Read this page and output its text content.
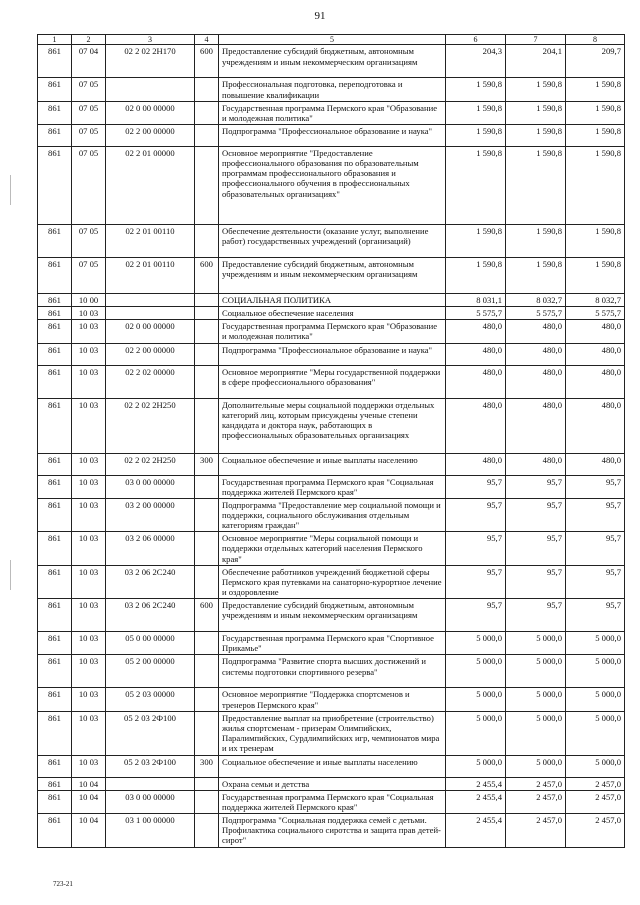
91
1	2	3	4	5	6	7	8
861	07 04	02 2 02 2Н170	600	Предоставление субсидий бюджетным, автономным учреждениям и иным некоммерческим организациям	204,3	204,1	209,7
861	07 05			Профессиональная подготовка, переподготовка и повышение квалификации	1 590,8	1 590,8	1 590,8
861	07 05	02 0 00 00000		Государственная программа Пермского края "Образование и молодежная политика"	1 590,8	1 590,8	1 590,8
861	07 05	02 2 00 00000		Подпрограмма "Профессиональное образование и наука"	1 590,8	1 590,8	1 590,8
861	07 05	02 2 01 00000		Основное мероприятие "Предоставление профессионального образования по образовательным программам профессионального образования и профессионального обучения в профессиональных образовательных организациях"	1 590,8	1 590,8	1 590,8
861	07 05	02 2 01 00110		Обеспечение деятельности (оказание услуг, выполнение работ) государственных учреждений (организаций)	1 590,8	1 590,8	1 590,8
861	07 05	02 2 01 00110	600	Предоставление субсидий бюджетным, автономным учреждениям и иным некоммерческим организациям	1 590,8	1 590,8	1 590,8
861	10 00			СОЦИАЛЬНАЯ ПОЛИТИКА	8 031,1	8 032,7	8 032,7
861	10 03			Социальное обеспечение населения	5 575,7	5 575,7	5 575,7
861	10 03	02 0 00 00000		Государственная программа Пермского края "Образование и молодежная политика"	480,0	480,0	480,0
861	10 03	02 2 00 00000		Подпрограмма "Профессиональное образование и наука"	480,0	480,0	480,0
861	10 03	02 2 02 00000		Основное мероприятие "Меры государственной поддержки в сфере профессионального образования"	480,0	480,0	480,0
861	10 03	02 2 02 2Н250		Дополнительные меры социальной поддержки отдельных категорий лиц, которым присуждены ученые степени кандидата и доктора наук, работающих в профессиональных образовательных организациях	480,0	480,0	480,0
861	10 03	02 2 02 2Н250	300	Социальное обеспечение и иные выплаты населению	480,0	480,0	480,0
861	10 03	03 0 00 00000		Государственная программа Пермского края "Социальная поддержка жителей Пермского края"	95,7	95,7	95,7
861	10 03	03 2 00 00000		Подпрограмма "Предоставление мер социальной помощи и поддержки, социального обслуживания отдельным категориям граждан"	95,7	95,7	95,7
861	10 03	03 2 06 00000		Основное мероприятие "Меры социальной помощи и поддержки отдельных категорий населения Пермского края"	95,7	95,7	95,7
861	10 03	03 2 06 2С240		Обеспечение работников учреждений бюджетной сферы Пермского края путевками на санаторно-курортное лечение и оздоровление	95,7	95,7	95,7
861	10 03	03 2 06 2С240	600	Предоставление субсидий бюджетным, автономным учреждениям и иным некоммерческим организациям	95,7	95,7	95,7
861	10 03	05 0 00 00000		Государственная программа Пермского края "Спортивное Прикамье"	5 000,0	5 000,0	5 000,0
861	10 03	05 2 00 00000		Подпрограмма "Развитие спорта высших достижений и системы подготовки спортивного резерва"	5 000,0	5 000,0	5 000,0
861	10 03	05 2 03 00000		Основное мероприятие "Поддержка спортсменов и тренеров Пермского края"	5 000,0	5 000,0	5 000,0
861	10 03	05 2 03 2Ф100		Предоставление выплат на приобретение (строительство) жилья спортсменам - призерам Олимпийских, Паралимпийских, Сурдлимпийских игр, чемпионатов мира и их тренерам	5 000,0	5 000,0	5 000,0
861	10 03	05 2 03 2Ф100	300	Социальное обеспечение и иные выплаты населению	5 000,0	5 000,0	5 000,0
861	10 04			Охрана семьи и детства	2 455,4	2 457,0	2 457,0
861	10 04	03 0 00 00000		Государственная программа Пермского края "Социальная поддержка жителей Пермского края"	2 455,4	2 457,0	2 457,0
861	10 04	03 1 00 00000		Подпрограмма "Социальная поддержка семей с детьми. Профилактика социального сиротства и защита прав детей-сирот"	2 455,4	2 457,0	2 457,0
723-21
